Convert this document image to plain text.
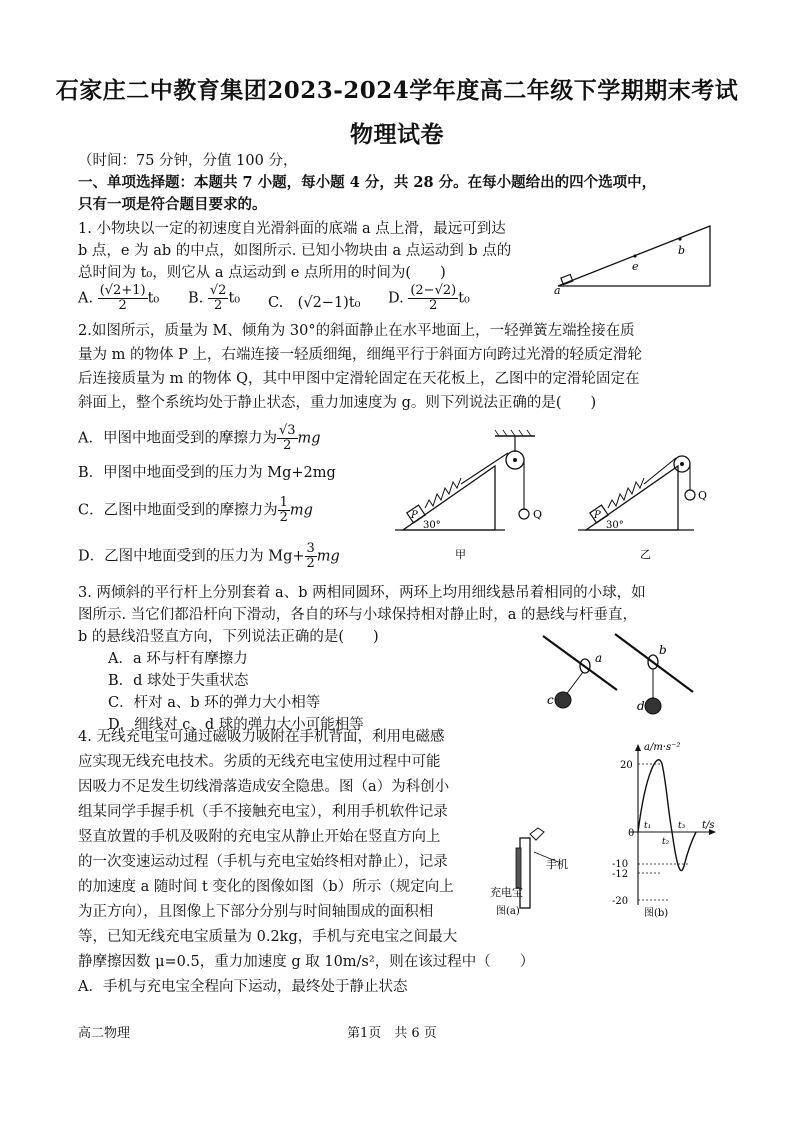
石家庄二中教育集团2023-2024学年度高二年级下学期期末考试
物理试卷
（时间：75 分钟，分值 100 分，
一、单项选择题：本题共 7 小题，每小题 4 分，共 28 分。在每小题给出的四个选项中，
只有一项是符合题目要求的。
1. 小物块以一定的初速度自光滑斜面的底端 a 点上滑，最远可到达
b 点，e 为 ab 的中点，如图所示. 已知小物块由 a 点运动到 b 点的
总时间为 t₀，则它从 a 点运动到 e 点所用的时间为(　　)
A. $\frac{(√2+1)}{2} t_0$ B. $\frac{√2}{2} t_0$ C.　(√2−1)t₀ D. $\frac{(2-√2)}{2} t_0$	a
e
b
2.如图所示，质量为 M、倾角为 30°的斜面静止在水平地面上，一轻弹簧左端拴接在质
量为 m 的物体 P 上，右端连接一轻质细绳，细绳平行于斜面方向跨过光滑的轻质定滑轮
后连接质量为 m 的物体 Q，其中甲图中定滑轮固定在天花板上，乙图中的定滑轮固定在
斜面上，整个系统均处于静止状态，重力加速度为 g。则下列说法正确的是(　　)
A．甲图中地面受到的摩擦力为 $\frac{√3}{2}$ mg
B．甲图中地面受到的压力为 Mg+2mg
C．乙图中地面受到的摩擦力为 $\frac{1}{2}$ mg
D．乙图中地面受到的压力为 $Mg+ \frac{3}{2}$ mg
Q
P
30°
甲
Q
P
30°
乙
3. 两倾斜的平行杆上分别套着 a、b 两相同圆环，两环上均用细线悬吊着相同的小球，如
图所示. 当它们都沿杆向下滑动，各自的环与小球保持相对静止时，a 的悬线与杆垂直，
b 的悬线沿竖直方向，下列说法正确的是(　　)
A．a 环与杆有摩擦力
B．d 球处于失重状态
C．杆对 a、b 环的弹力大小相等
D．细线对 c、d 球的弹力大小可能相等
a
b
c	d
4. 无线充电宝可通过磁吸力吸附在手机背面，利用电磁感
应实现无线充电技术。劣质的无线充电宝使用过程中可能
因吸力不足发生切线滑落造成安全隐患。图（a）为科创小
组某同学手握手机（手不接触充电宝），利用手机软件记录
竖直放置的手机及吸附的充电宝从静止开始在竖直方向上
的一次变速运动过程（手机与充电宝始终相对静止），记录
的加速度 a 随时间 t 变化的图像如图（b）所示（规定向上
为正方向），且图像上下部分分别与时间轴围成的面积相
等，已知无线充电宝质量为 0.2kg，手机与充电宝之间最大
静摩擦因数 μ=0.5，重力加速度 g 取 10m/s²，则在该过程中（　　）
A．手机与充电宝全程向下运动，最终处于静止状态
手机
充电宝
图(a)
a/m·s⁻²
t/s
20
0
-10
-12
-20
t₁
t₂
t₃
图(b)
高二物理	第1页　共 6 页
